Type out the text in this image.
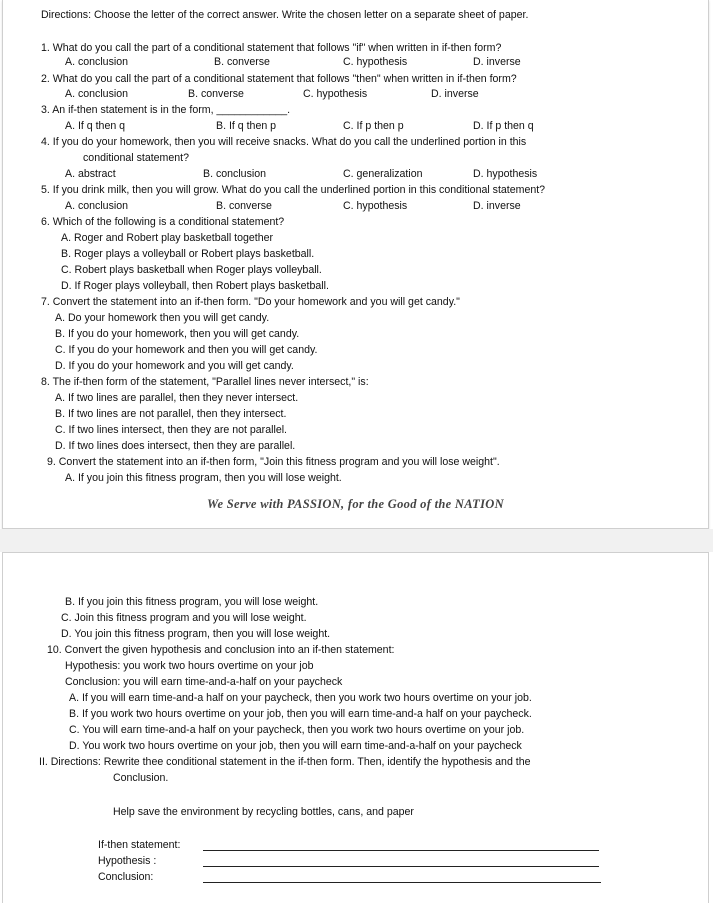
Directions: Choose the letter of the correct answer. Write the chosen letter on a separate sheet of paper.
1. What do you call the part of a conditional statement that follows "if" when written in if-then form?
A. conclusion	B. converse	C. hypothesis	D. inverse
2. What do you call the part of a conditional statement that follows "then" when written in if-then form?
A. conclusion	B. converse	C. hypothesis	D. inverse
3. An if-then statement is in the form, ____________.
A. If q then q	B. If q then p	C. If p then p	D. If p then q
4. If you do your homework, then you will receive snacks. What do you call the underlined portion in this
conditional statement?
A. abstract	B. conclusion	C. generalization	D. hypothesis
5. If you drink milk, then you will grow. What do you call the underlined portion in this conditional statement?
A. conclusion	B. converse	C. hypothesis	D. inverse
6. Which of the following is a conditional statement?
A. Roger and Robert play basketball together
B. Roger plays a volleyball or Robert plays basketball.
C. Robert plays basketball when Roger plays volleyball.
D. If Roger plays volleyball, then Robert plays basketball.
7. Convert the statement into an if-then form. "Do your homework and you will get candy."
A. Do your homework then you will get candy.
B. If you do your homework, then you will get candy.
C. If you do your homework and then you will get candy.
D. If you do your homework and you will get candy.
8. The if-then form of the statement, "Parallel lines never intersect," is:
A. If two lines are parallel, then they never intersect.
B. If two lines are not parallel, then they intersect.
C. If two lines intersect, then they are not parallel.
D. If two lines does intersect, then they are parallel.
9. Convert the statement into an if-then form, "Join this fitness program and you will lose weight".
A. If you join this fitness program, then you will lose weight.
We Serve with PASSION, for the Good of the NATION
B. If you join this fitness program, you will lose weight.
C. Join this fitness program and you will lose weight.
D. You join this fitness program, then you will lose weight.
10. Convert the given hypothesis and conclusion into an if-then statement:
Hypothesis: you work two hours overtime on your job
Conclusion: you will earn time-and-a-half on your paycheck
A. If you will earn time-and-a half on your paycheck, then you work two hours overtime on your job.
B. If you work two hours overtime on your job, then you will earn time-and-a half on your paycheck.
C. You will earn time-and-a half on your paycheck, then you work two hours overtime on your job.
D. You work two hours overtime on your job, then you will earn time-and-a-half on your paycheck
II. Directions: Rewrite thee conditional statement in the if-then form. Then, identify the hypothesis and the
Conclusion.
Help save the environment by recycling bottles, cans, and paper
If-then statement:
Hypothesis :
Conclusion:
